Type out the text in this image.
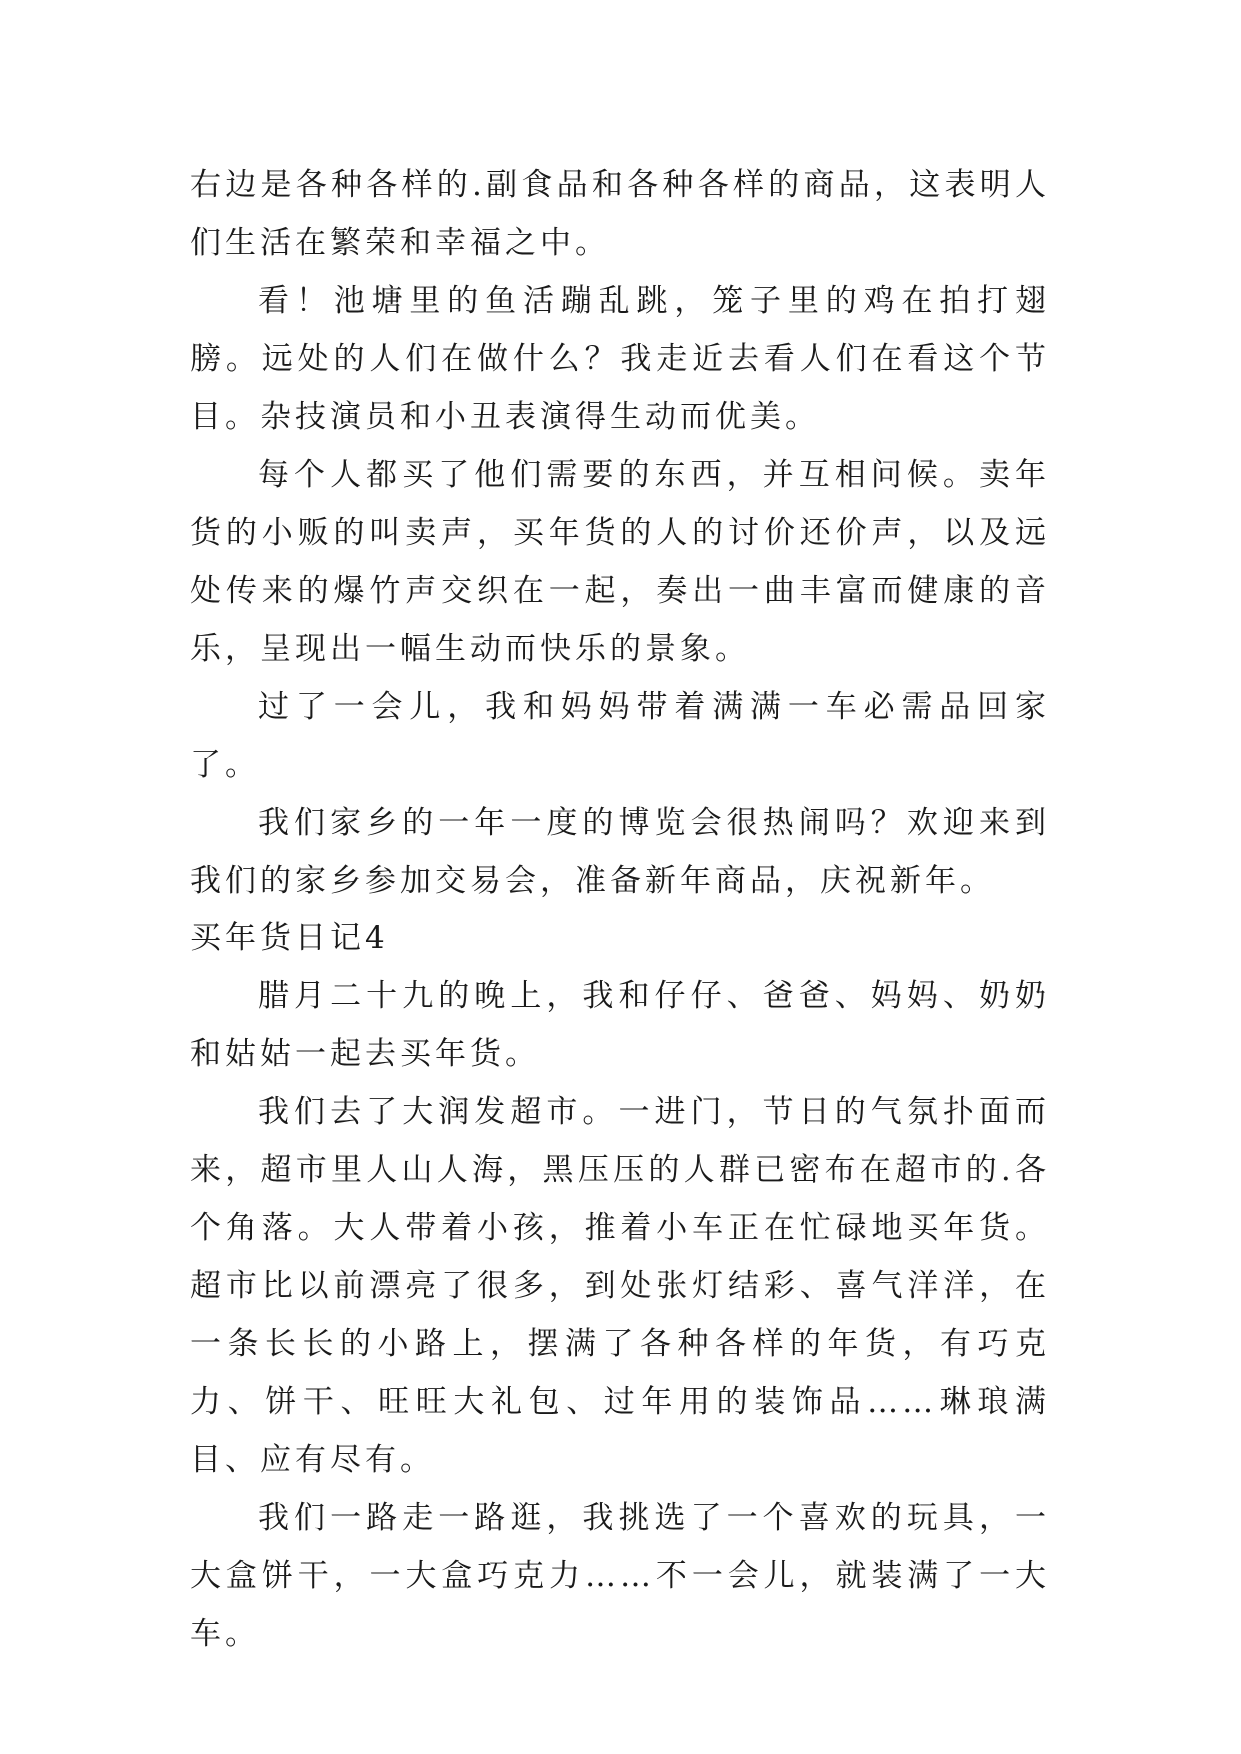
右边是各种各样的.副食品和各种各样的商品，这表明人们生活在繁荣和幸福之中。

看！池塘里的鱼活蹦乱跳，笼子里的鸡在拍打翅膀。远处的人们在做什么？我走近去看人们在看这个节目。杂技演员和小丑表演得生动而优美。

每个人都买了他们需要的东西，并互相问候。卖年货的小贩的叫卖声，买年货的人的讨价还价声，以及远处传来的爆竹声交织在一起，奏出一曲丰富而健康的音乐，呈现出一幅生动而快乐的景象。

过了一会儿，我和妈妈带着满满一车必需品回家了。

我们家乡的一年一度的博览会很热闹吗？欢迎来到我们的家乡参加交易会，准备新年商品，庆祝新年。

买年货日记4

腊月二十九的晚上，我和仔仔、爸爸、妈妈、奶奶和姑姑一起去买年货。

我们去了大润发超市。一进门，节日的气氛扑面而来，超市里人山人海，黑压压的人群已密布在超市的.各个角落。大人带着小孩，推着小车正在忙碌地买年货。超市比以前漂亮了很多，到处张灯结彩、喜气洋洋，在一条长长的小路上，摆满了各种各样的年货，有巧克力、饼干、旺旺大礼包、过年用的装饰品……琳琅满目、应有尽有。

我们一路走一路逛，我挑选了一个喜欢的玩具，一大盒饼干，一大盒巧克力……不一会儿，就装满了一大车。
